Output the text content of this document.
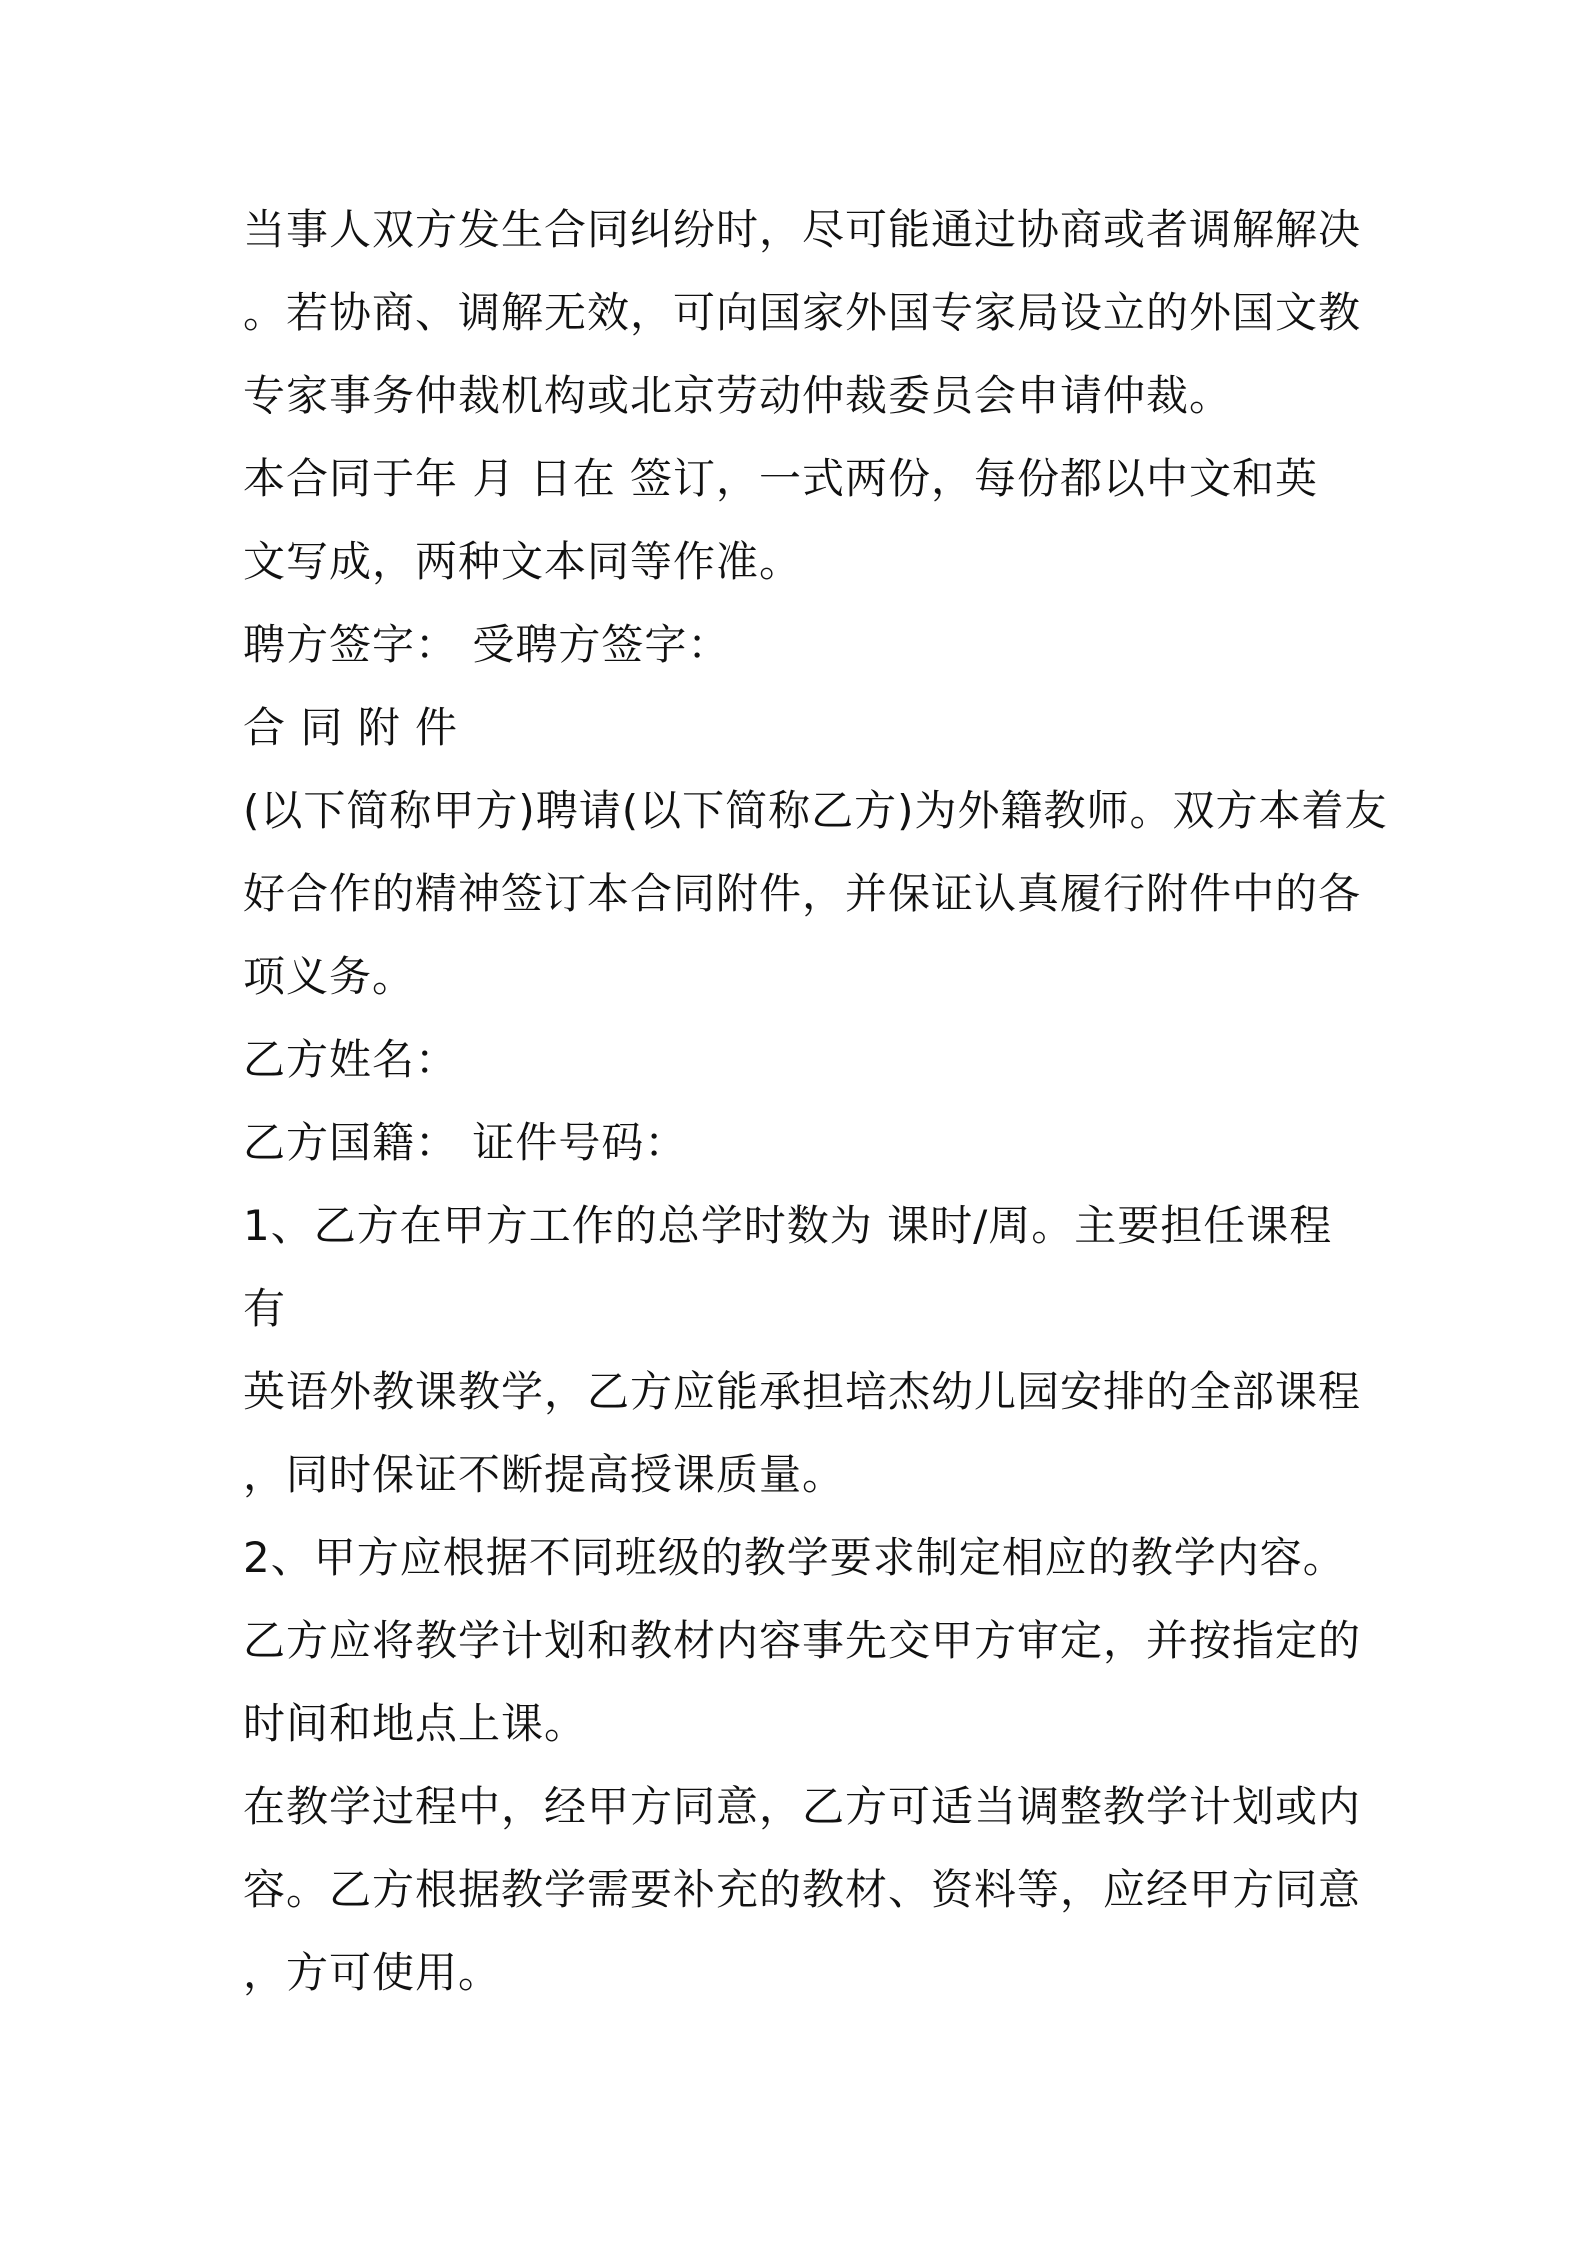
当事人双方发生合同纠纷时，尽可能通过协商或者调解解决
。若协商、调解无效，可向国家外国专家局设立的外国文教
专家事务仲裁机构或北京劳动仲裁委员会申请仲裁。
本合同于年 月 日在 签订，一式两份，每份都以中文和英
文写成，两种文本同等作准。
聘方签字： 受聘方签字：
合 同 附 件
(以下简称甲方)聘请(以下简称乙方)为外籍教师。双方本着友
好合作的精神签订本合同附件，并保证认真履行附件中的各
项义务。
乙方姓名：
乙方国籍： 证件号码：
1、乙方在甲方工作的总学时数为 课时/周。主要担任课程
有
英语外教课教学，乙方应能承担培杰幼儿园安排的全部课程
，同时保证不断提高授课质量。
2、甲方应根据不同班级的教学要求制定相应的教学内容。
乙方应将教学计划和教材内容事先交甲方审定，并按指定的
时间和地点上课。
在教学过程中，经甲方同意，乙方可适当调整教学计划或内
容。乙方根据教学需要补充的教材、资料等，应经甲方同意
，方可使用。
